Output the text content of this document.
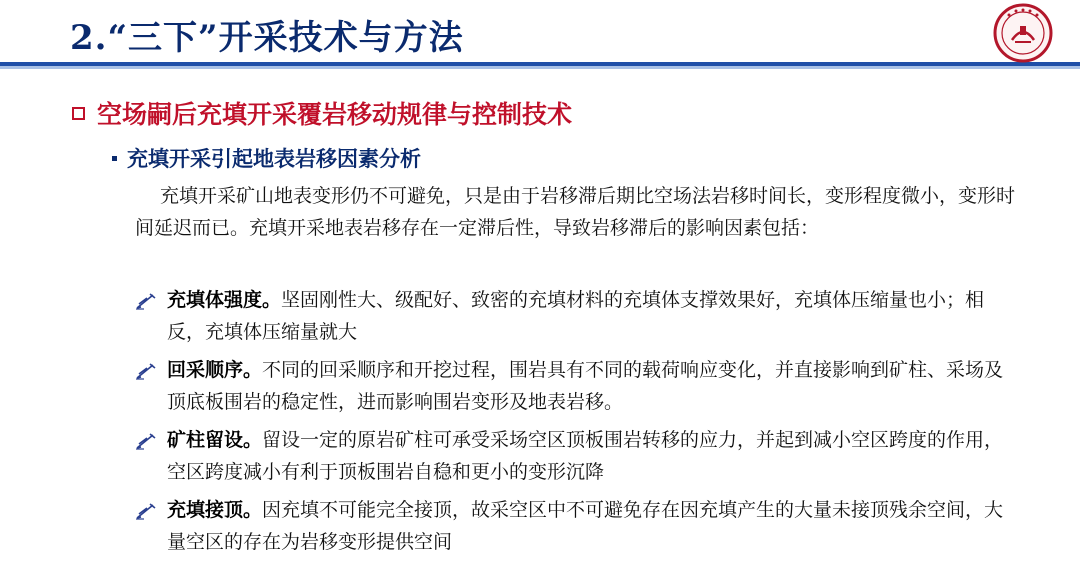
2.“三下”开采技术与方法
空场嗣后充填开采覆岩移动规律与控制技术
充填开采引起地表岩移因素分析

充填开采矿山地表变形仍不可避免，只是由于岩移滞后期比空场法岩移时间长，变形程度微小，变形时间延迟而已。充填开采地表岩移存在一定滞后性，导致岩移滞后的影响因素包括：

充填体强度。坚固刚性大、级配好、致密的充填材料的充填体支撑效果好，充填体压缩量也小；相反，充填体压缩量就大
回采顺序。不同的回采顺序和开挖过程，围岩具有不同的载荷响应变化，并直接影响到矿柱、采场及顶底板围岩的稳定性，进而影响围岩变形及地表岩移。
矿柱留设。留设一定的原岩矿柱可承受采场空区顶板围岩转移的应力，并起到减小空区跨度的作用，空区跨度减小有利于顶板围岩自稳和更小的变形沉降
充填接顶。因充填不可能完全接顶，故采空区中不可避免存在因充填产生的大量未接顶残余空间，大量空区的存在为岩移变形提供空间
